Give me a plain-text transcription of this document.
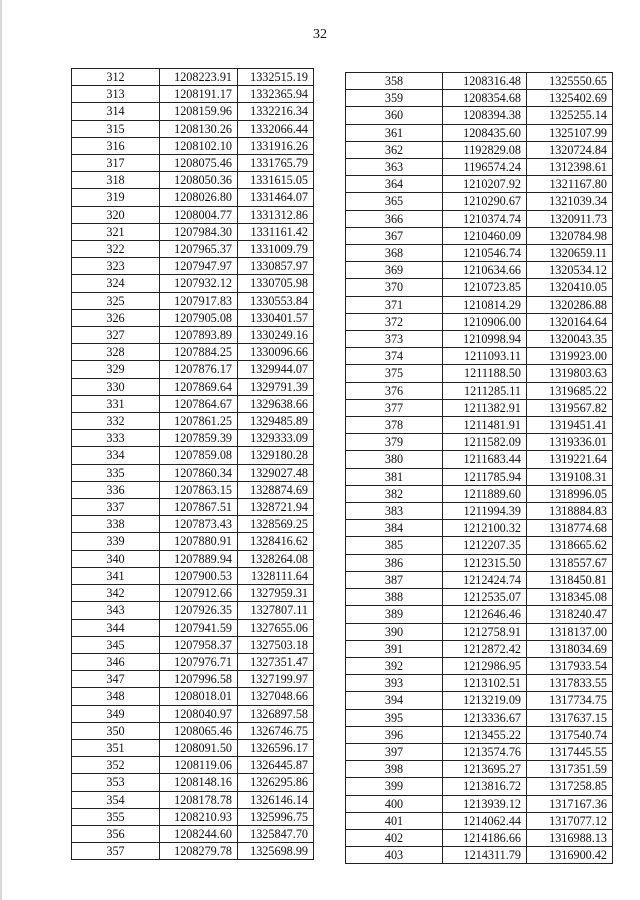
32
312	1208223.91	1332515.19
313	1208191.17	1332365.94
314	1208159.96	1332216.34
315	1208130.26	1332066.44
316	1208102.10	1331916.26
317	1208075.46	1331765.79
318	1208050.36	1331615.05
319	1208026.80	1331464.07
320	1208004.77	1331312.86
321	1207984.30	1331161.42
322	1207965.37	1331009.79
323	1207947.97	1330857.97
324	1207932.12	1330705.98
325	1207917.83	1330553.84
326	1207905.08	1330401.57
327	1207893.89	1330249.16
328	1207884.25	1330096.66
329	1207876.17	1329944.07
330	1207869.64	1329791.39
331	1207864.67	1329638.66
332	1207861.25	1329485.89
333	1207859.39	1329333.09
334	1207859.08	1329180.28
335	1207860.34	1329027.48
336	1207863.15	1328874.69
337	1207867.51	1328721.94
338	1207873.43	1328569.25
339	1207880.91	1328416.62
340	1207889.94	1328264.08
341	1207900.53	1328111.64
342	1207912.66	1327959.31
343	1207926.35	1327807.11
344	1207941.59	1327655.06
345	1207958.37	1327503.18
346	1207976.71	1327351.47
347	1207996.58	1327199.97
348	1208018.01	1327048.66
349	1208040.97	1326897.58
350	1208065.46	1326746.75
351	1208091.50	1326596.17
352	1208119.06	1326445.87
353	1208148.16	1326295.86
354	1208178.78	1326146.14
355	1208210.93	1325996.75
356	1208244.60	1325847.70
357	1208279.78	1325698.99
358	1208316.48	1325550.65
359	1208354.68	1325402.69
360	1208394.38	1325255.14
361	1208435.60	1325107.99
362	1192829.08	1320724.84
363	1196574.24	1312398.61
364	1210207.92	1321167.80
365	1210290.67	1321039.34
366	1210374.74	1320911.73
367	1210460.09	1320784.98
368	1210546.74	1320659.11
369	1210634.66	1320534.12
370	1210723.85	1320410.05
371	1210814.29	1320286.88
372	1210906.00	1320164.64
373	1210998.94	1320043.35
374	1211093.11	1319923.00
375	1211188.50	1319803.63
376	1211285.11	1319685.22
377	1211382.91	1319567.82
378	1211481.91	1319451.41
379	1211582.09	1319336.01
380	1211683.44	1319221.64
381	1211785.94	1319108.31
382	1211889.60	1318996.05
383	1211994.39	1318884.83
384	1212100.32	1318774.68
385	1212207.35	1318665.62
386	1212315.50	1318557.67
387	1212424.74	1318450.81
388	1212535.07	1318345.08
389	1212646.46	1318240.47
390	1212758.91	1318137.00
391	1212872.42	1318034.69
392	1212986.95	1317933.54
393	1213102.51	1317833.55
394	1213219.09	1317734.75
395	1213336.67	1317637.15
396	1213455.22	1317540.74
397	1213574.76	1317445.55
398	1213695.27	1317351.59
399	1213816.72	1317258.85
400	1213939.12	1317167.36
401	1214062.44	1317077.12
402	1214186.66	1316988.13
403	1214311.79	1316900.42
